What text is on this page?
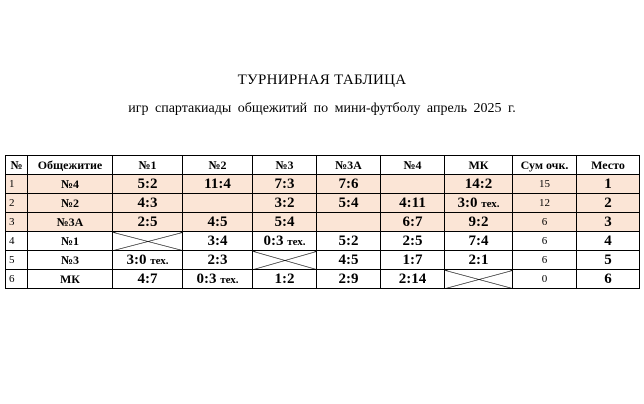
ТУРНИРНАЯ ТАБЛИЦА
игр спартакиады общежитий по мини-футболу апрель 2025 г.
№	Общежитие	№1	№2	№3	№3А	№4	МК	Сум очк.	Место
1	№4	5:2	11:4	7:3	7:6		14:2	15	1
2	№2	4:3		3:2	5:4	4:11	3:0 тех.	12	2
3	№3А	2:5	4:5	5:4		6:7	9:2	6	3
4	№1		3:4	0:3 тех.	5:2	2:5	7:4	6	4
5	№3	3:0 тех.	2:3		4:5	1:7	2:1	6	5
6	МК	4:7	0:3 тех.	1:2	2:9	2:14		0	6
